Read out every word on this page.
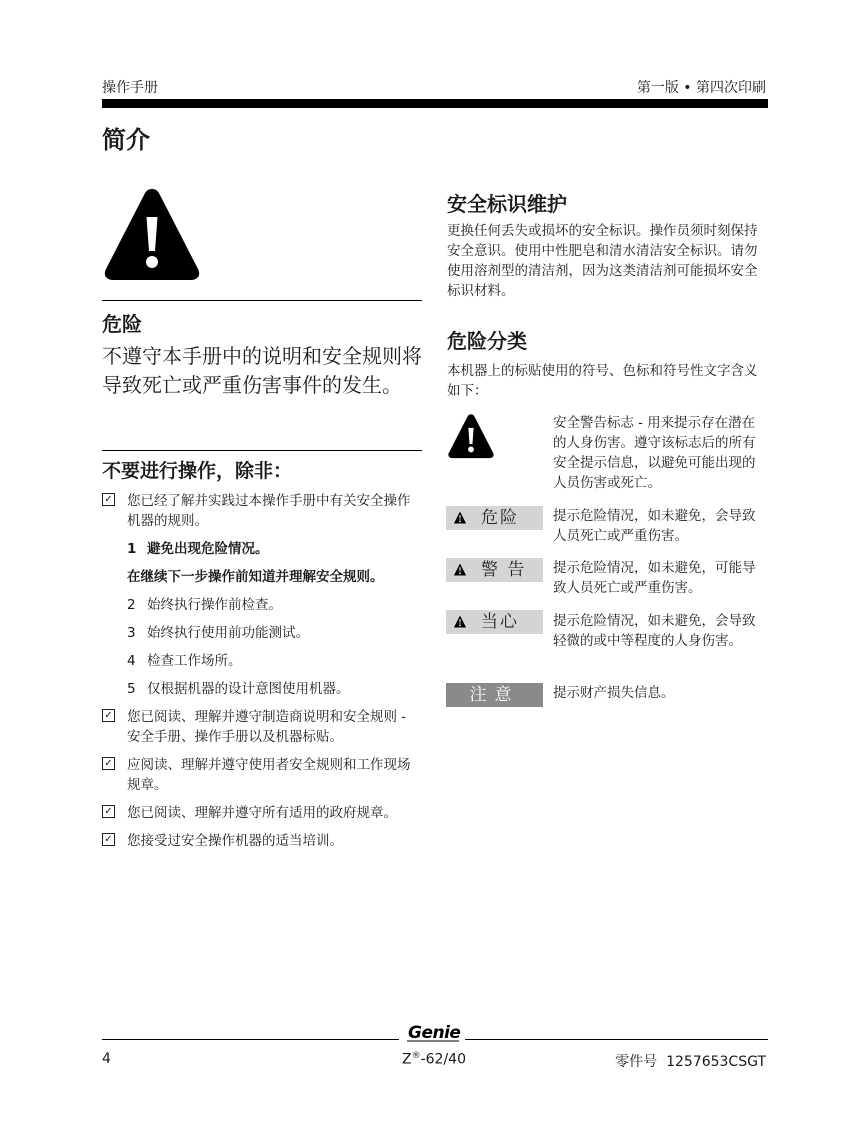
操作手册	第一版 • 第四次印刷
简介
危险
不遵守本手册中的说明和安全规则将导致死亡或严重伤害事件的发生。
不要进行操作，除非：
✓ 您已经了解并实践过本操作手册中有关安全操作机器的规则。
1 避免出现危险情况。
在继续下一步操作前知道并理解安全规则。
2 始终执行操作前检查。
3 始终执行使用前功能测试。
4 检查工作场所。
5 仅根据机器的设计意图使用机器。
✓ 您已阅读、理解并遵守制造商说明和安全规则 - 安全手册、操作手册以及机器标贴。
✓ 应阅读、理解并遵守使用者安全规则和工作现场规章。
✓ 您已阅读、理解并遵守所有适用的政府规章。
✓ 您接受过安全操作机器的适当培训。
安全标识维护
更换任何丢失或损坏的安全标识。操作员须时刻保持安全意识。使用中性肥皂和清水清洁安全标识。请勿使用溶剂型的清洁剂，因为这类清洁剂可能损坏安全标识材料。
危险分类
本机器上的标贴使用的符号、色标和符号性文字含义如下：
安全警告标志 - 用来提示存在潜在的人身伤害。遵守该标志后的所有安全提示信息，以避免可能出现的人员伤害或死亡。
危险	提示危险情况，如未避免，会导致人员死亡或严重伤害。
警 告 提示危险情况，如未避免，可能导致人员死亡或严重伤害。
当心	提示危险情况，如未避免，会导致轻微的或中等程度的人身伤害。
注意	提示财产损失信息。
Genie
4	Z®-62/40	零件号 1257653CSGT
